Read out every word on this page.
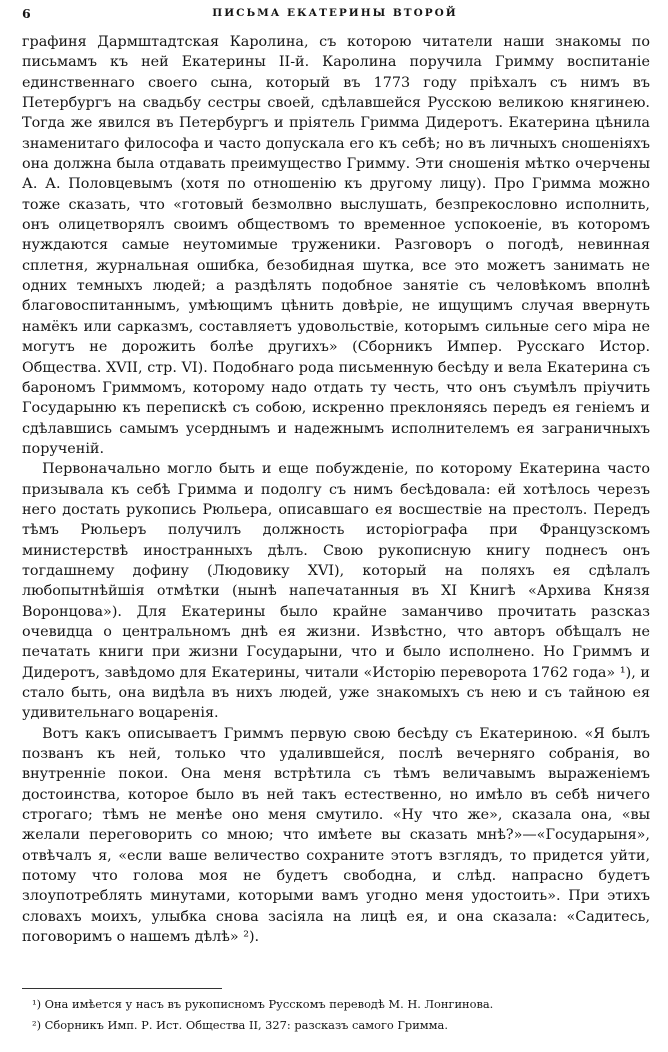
6	ПИСЬМА ЕКАТЕРИНЫ ВТОРОЙ

графиня Дармштадтская Каролина, съ которою читатели наши знакомы по письмамъ къ ней Екатерины II-й. Каролина поручила Гримму воспитаніе единственнаго своего сына, который въ 1773 году пріѣхалъ съ нимъ въ Петербургъ на свадьбу сестры своей, сдѣлавшейся Русскою великою княгинею. Тогда же явился въ Петербургъ и пріятель Гримма Дидеротъ. Екатерина цѣнила знаменитаго философа и часто допускала его къ себѣ; но въ личныхъ сношеніяхъ она должна была отдавать преимущество Гримму. Эти сношенія мѣтко очерчены А. А. Половцевымъ (хотя по отношенію къ другому лицу). Про Гримма можно тоже сказать, что «готовый безмолвно выслушать, безпрекословно исполнить, онъ олицетворялъ своимъ обществомъ то временное успокоеніе, въ которомъ нуждаются самые неутомимые труженики. Разговоръ о погодѣ, невинная сплетня, журнальная ошибка, безобидная шутка, все это можетъ занимать не одних темныхъ людей; а раздѣлять подобное занятіе съ человѣкомъ вполнѣ благовоспитаннымъ, умѣющимъ цѣнить довѣріе, не ищущимъ случая ввернуть намёкъ или сарказмъ, составляетъ удовольствіе, которымъ сильные сего міра не могутъ не дорожить болѣе другихъ» (Сборникъ Импер. Русскаго Истор. Общества. XVII, стр. VI). Подобнаго рода письменную бесѣду и вела Екатерина съ барономъ Гриммомъ, которому надо отдать ту честь, что онъ съумѣлъ пріучить Государыню къ перепискѣ съ собою, искренно преклоняясь передъ ея геніемъ и сдѣлавшись самымъ усерднымъ и надежнымъ исполнителемъ ея заграничныхъ порученій.

Первоначально могло быть и еще побужденіе, по которому Екатерина часто призывала къ себѣ Гримма и подолгу съ нимъ бесѣдовала: ей хотѣлось черезъ него достать рукопись Рюльера, описавшаго ея восшествіе на престолъ. Передъ тѣмъ Рюльеръ получилъ должность исторіографа при Французскомъ министерствѣ иностранныхъ дѣлъ. Свою рукописную книгу поднесъ онъ тогдашнему дофину (Людовику XVI), который на поляхъ ея сдѣлалъ любопытнѣйшія отмѣтки (нынѣ напечатанныя въ XI Книгѣ «Архива Князя Воронцова»). Для Екатерины было крайне заманчиво прочитать разсказ очевидца о центральномъ днѣ ея жизни. Извѣстно, что авторъ обѣщалъ не печатать книги при жизни Государыни, что и было исполнено. Но Гриммъ и Дидеротъ, завѣдомо для Екатерины, читали «Исторію переворота 1762 года» ¹), и стало быть, она видѣла въ нихъ людей, уже знакомыхъ съ нею и съ тайною ея удивительнаго воцаренія.

Вотъ какъ описываетъ Гриммъ первую свою бесѣду съ Екатериною. «Я былъ позванъ къ ней, только что удалившейся, послѣ вечерняго собранія, во внутренніе покои. Она меня встрѣтила съ тѣмъ величавымъ выраженіемъ достоинства, которое было въ ней такъ естественно, но имѣло въ себѣ ничего строгаго; тѣмъ не менѣе оно меня смутило. «Ну что же», сказала она, «вы желали переговорить со мною; что имѣете вы сказать мнѣ?»—«Государыня», отвѣчалъ я, «если ваше величество сохраните этотъ взглядъ, то придется уйти, потому что голова моя не будетъ свободна, и слѣд. напрасно будетъ злоупотреблять минутами, которыми вамъ угодно меня удостоить». При этихъ словахъ моихъ, улыбка снова засіяла на лицѣ ея, и она сказала: «Садитесь, поговоримъ о нашемъ дѣлѣ» ²).

¹) Она имѣется у насъ въ рукописномъ Русскомъ переводѣ М. Н. Лонгинова.
²) Сборникъ Имп. Р. Ист. Общества II, 327: разсказъ самого Гримма.
